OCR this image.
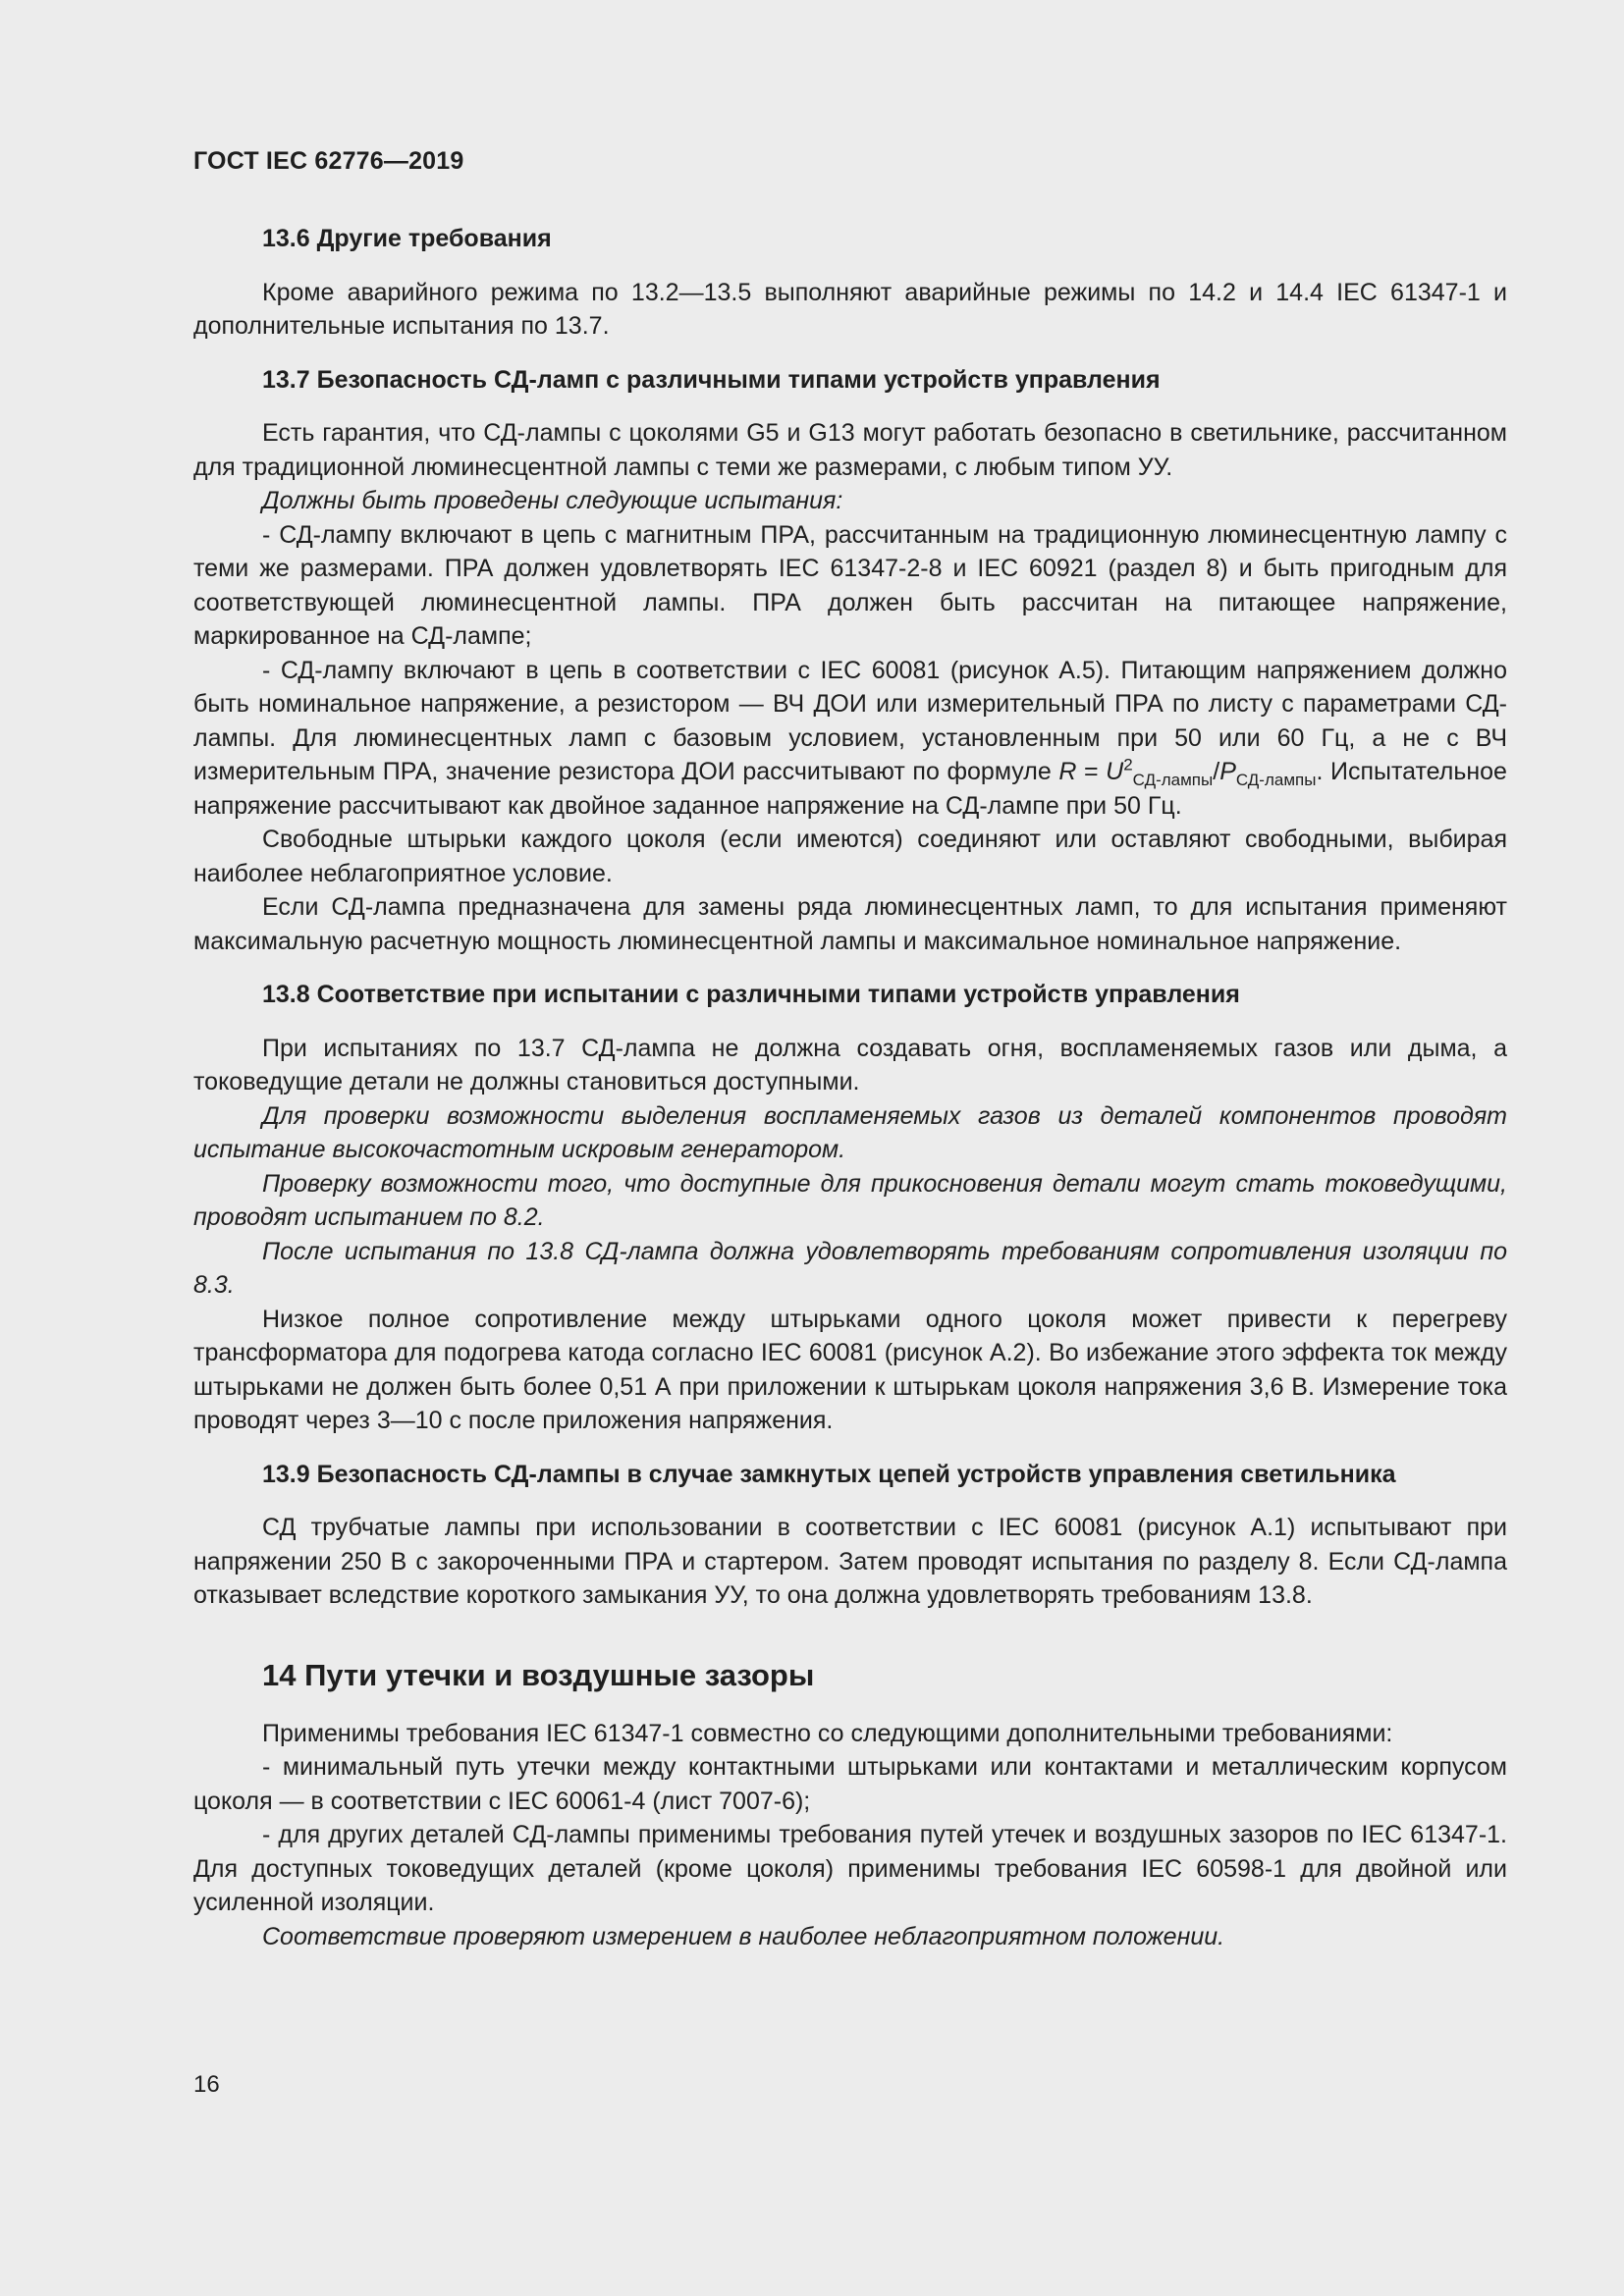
ГОСТ IEC 62776—2019
13.6 Другие требования

Кроме аварийного режима по 13.2—13.5 выполняют аварийные режимы по 14.2 и 14.4 IEC 61347-1 и дополнительные испытания по 13.7.

13.7 Безопасность СД-ламп с различными типами устройств управления

Есть гарантия, что СД-лампы с цоколями G5 и G13 могут работать безопасно в светильнике, рассчитанном для традиционной люминесцентной лампы с теми же размерами, с любым типом УУ.

Должны быть проведены следующие испытания:

- СД-лампу включают в цепь с магнитным ПРА, рассчитанным на традиционную люминесцентную лампу с теми же размерами. ПРА должен удовлетворять IEC 61347-2-8 и IEC 60921 (раздел 8) и быть пригодным для соответствующей люминесцентной лампы. ПРА должен быть рассчитан на питающее напряжение, маркированное на СД-лампе;

- СД-лампу включают в цепь в соответствии с IEC 60081 (рисунок А.5). Питающим напряжением должно быть номинальное напряжение, а резистором — ВЧ ДОИ или измерительный ПРА по листу с параметрами СД-лампы. Для люминесцентных ламп с базовым условием, установленным при 50 или 60 Гц, а не с ВЧ измерительным ПРА, значение резистора ДОИ рассчитывают по формуле $R = U^2_{СД-лампы}/P_{СД-лампы}$. Испытательное напряжение рассчитывают как двойное заданное напряжение на СД-лампе при 50 Гц.

Свободные штырьки каждого цоколя (если имеются) соединяют или оставляют свободными, выбирая наиболее неблагоприятное условие.

Если СД-лампа предназначена для замены ряда люминесцентных ламп, то для испытания применяют максимальную расчетную мощность люминесцентной лампы и максимальное номинальное напряжение.

13.8 Соответствие при испытании с различными типами устройств управления

При испытаниях по 13.7 СД-лампа не должна создавать огня, воспламеняемых газов или дыма, а токоведущие детали не должны становиться доступными.

Для проверки возможности выделения воспламеняемых газов из деталей компонентов проводят испытание высокочастотным искровым генератором.

Проверку возможности того, что доступные для прикосновения детали могут стать токоведущими, проводят испытанием по 8.2.

После испытания по 13.8 СД-лампа должна удовлетворять требованиям сопротивления изоляции по 8.3.

Низкое полное сопротивление между штырьками одного цоколя может привести к перегреву трансформатора для подогрева катода согласно IEC 60081 (рисунок А.2). Во избежание этого эффекта ток между штырьками не должен быть более 0,51 А при приложении к штырькам цоколя напряжения 3,6 В. Измерение тока проводят через 3—10 с после приложения напряжения.

13.9 Безопасность СД-лампы в случае замкнутых цепей устройств управления светильника

СД трубчатые лампы при использовании в соответствии с IEC 60081 (рисунок А.1) испытывают при напряжении 250 В с закороченными ПРА и стартером. Затем проводят испытания по разделу 8. Если СД-лампа отказывает вследствие короткого замыкания УУ, то она должна удовлетворять требованиям 13.8.

14 Пути утечки и воздушные зазоры

Применимы требования IEC 61347-1 совместно со следующими дополнительными требованиями:

- минимальный путь утечки между контактными штырьками или контактами и металлическим корпусом цоколя — в соответствии с IEC 60061-4 (лист 7007-6);

- для других деталей СД-лампы применимы требования путей утечек и воздушных зазоров по IEC 61347-1. Для доступных токоведущих деталей (кроме цоколя) применимы требования IEC 60598-1 для двойной или усиленной изоляции.

Соответствие проверяют измерением в наиболее неблагоприятном положении.

16
